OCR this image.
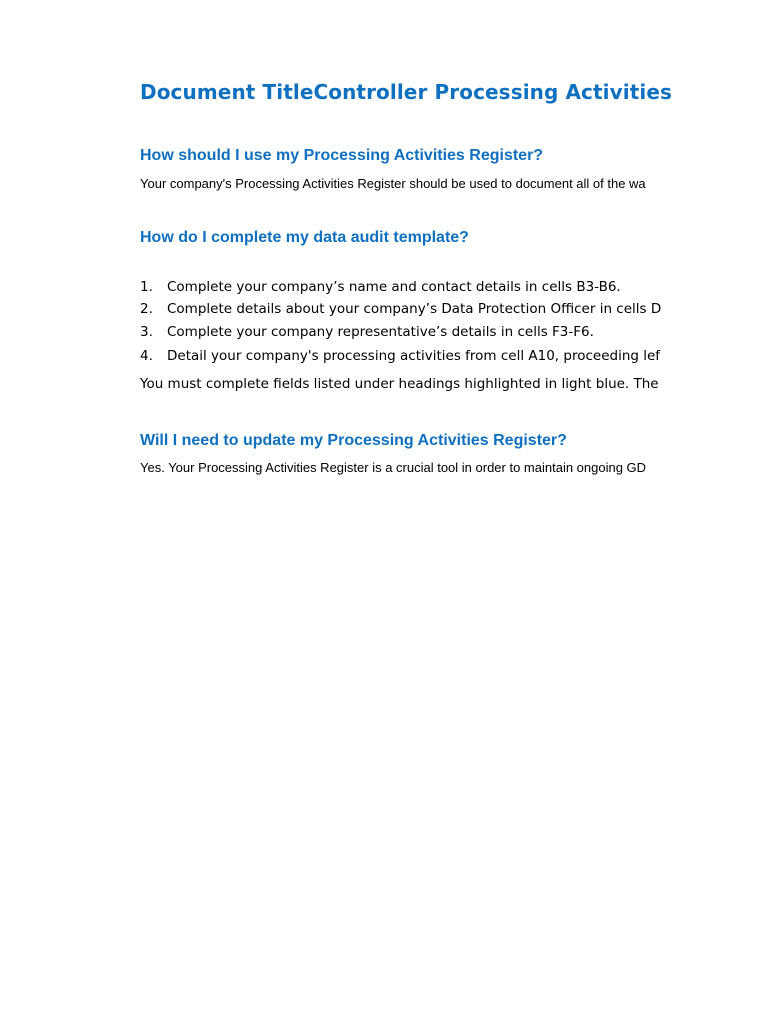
Document TitleController Processing Activities
How should I use my Processing Activities Register?
Your company's Processing Activities Register should be used to document all of the wa
How do I complete my data audit template?
1. Complete your company’s name and contact details in cells B3-B6.
2. Complete details about your company’s Data Protection Officer in cells D
3. Complete your company representative’s details in cells F3-F6.
4. Detail your company's processing activities from cell A10, proceeding lef
You must complete fields listed under headings highlighted in light blue. The
Will I need to update my Processing Activities Register?
Yes. Your Processing Activities Register is a crucial tool in order to maintain ongoing GD
